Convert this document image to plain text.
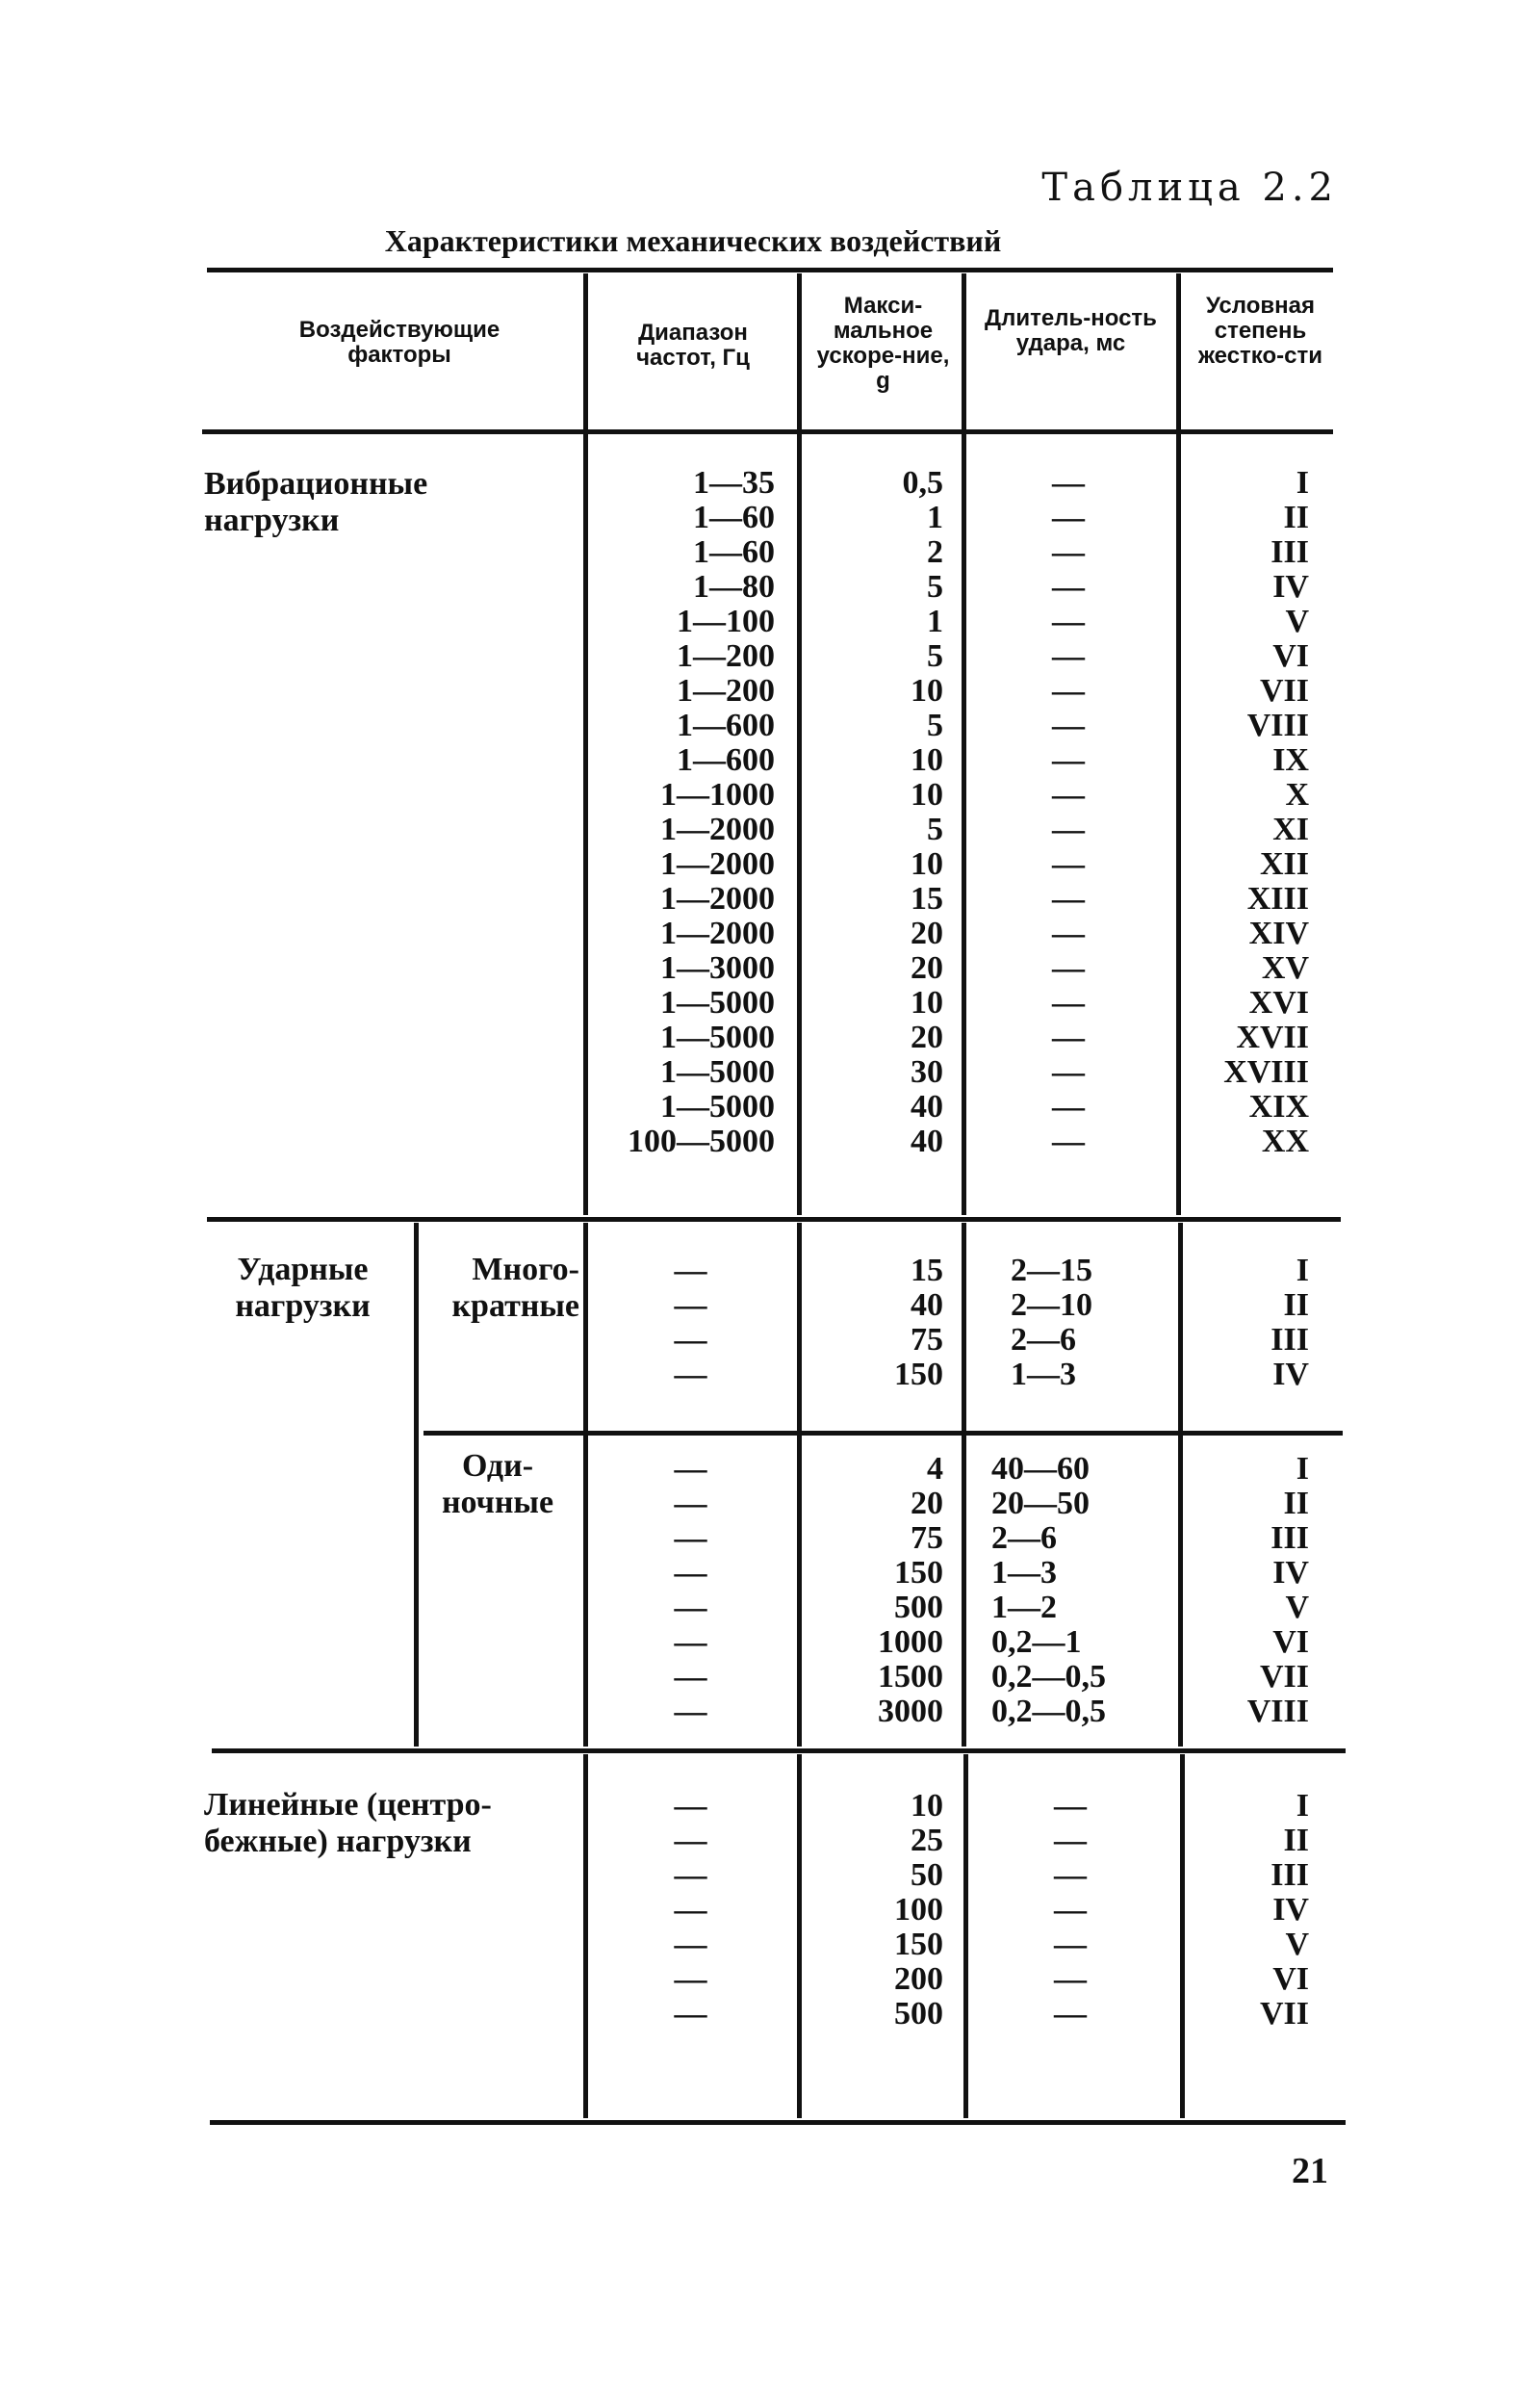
Таблица 2.2
Характеристики механических воздействий
Воздействующие факторы
Диапазон частот, Гц
Макси-мальное ускоре-ние, g
Длитель-ность удара, мс
Условная степень жестко-сти
Вибрационные нагрузки
1—35
1—60
1—60
1—80
1—100
1—200
1—200
1—600
1—600
1—1000
1—2000
1—2000
1—2000
1—2000
1—3000
1—5000
1—5000
1—5000
1—5000
100—5000
0,5
1
2
5
1
5
10
5
10
10
5
10
15
20
20
10
20
30
40
40
—
—
—
—
—
—
—
—
—
—
—
—
—
—
—
—
—
—
—
—
I
II
III
IV
V
VI
VII
VIII
IX
X
XI
XII
XIII
XIV
XV
XVI
XVII
XVIII
XIX
XX
Ударные нагрузки
Много-кратные
—
—
—
—
15
40
75
150
2—15
2—10
2—6
1—3
I
II
III
IV
Оди-ночные
—
—
—
—
—
—
—
—
4
20
75
150
500
1000
1500
3000
40—60
20—50
2—6
1—3
1—2
0,2—1
0,2—0,5
0,2—0,5
I
II
III
IV
V
VI
VII
VIII
Линейные (центро-бежные) нагрузки
—
—
—
—
—
—
—
10
25
50
100
150
200
500
—
—
—
—
—
—
—
I
II
III
IV
V
VI
VII
21
